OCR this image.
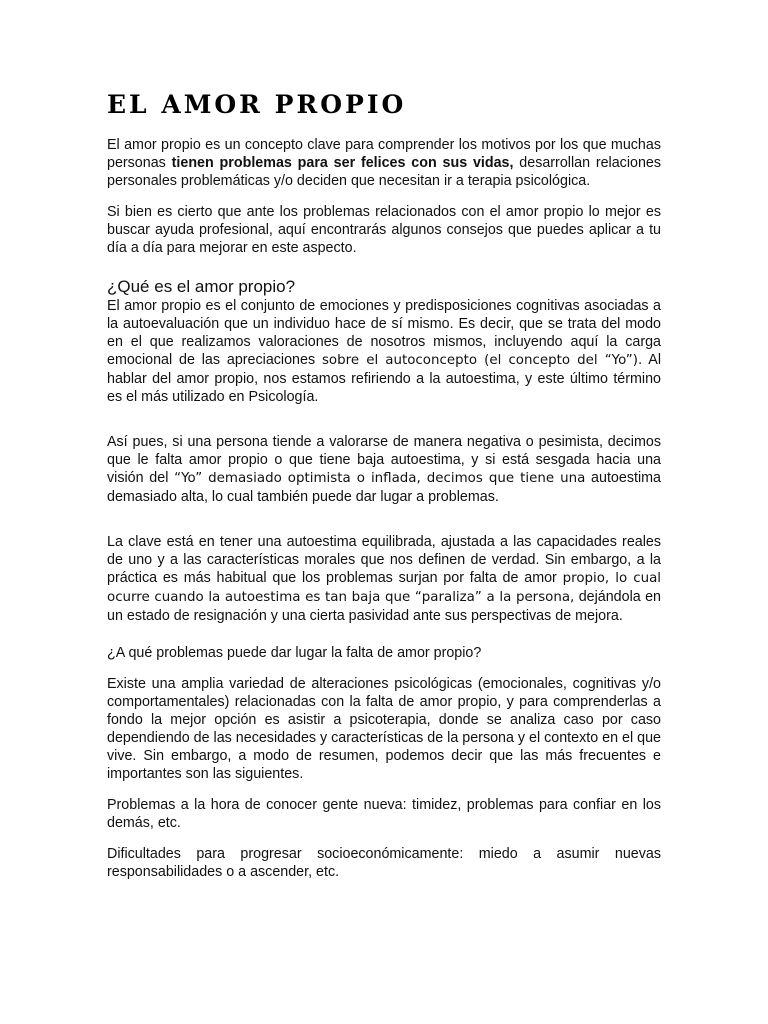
EL AMOR PROPIO

El amor propio es un concepto clave para comprender los motivos por los que muchas personas tienen problemas para ser felices con sus vidas, desarrollan relaciones personales problemáticas y/o deciden que necesitan ir a terapia psicológica.

Si bien es cierto que ante los problemas relacionados con el amor propio lo mejor es buscar ayuda profesional, aquí encontrarás algunos consejos que puedes aplicar a tu día a día para mejorar en este aspecto.

¿Qué es el amor propio?

El amor propio es el conjunto de emociones y predisposiciones cognitivas asociadas a la autoevaluación que un individuo hace de sí mismo. Es decir, que se trata del modo en el que realizamos valoraciones de nosotros mismos, incluyendo aquí la carga emocional de las apreciaciones sobre el autoconcepto (el concepto del “Yo”). Al hablar del amor propio, nos estamos refiriendo a la autoestima, y este último término es el más utilizado en Psicología.

Así pues, si una persona tiende a valorarse de manera negativa o pesimista, decimos que le falta amor propio o que tiene baja autoestima, y si está sesgada hacia una visión del “Yo” demasiado optimista o inflada, decimos que tiene una autoestima demasiado alta, lo cual también puede dar lugar a problemas.

La clave está en tener una autoestima equilibrada, ajustada a las capacidades reales de uno y a las características morales que nos definen de verdad. Sin embargo, a la práctica es más habitual que los problemas surjan por falta de amor propio, lo cual ocurre cuando la autoestima es tan baja que “paraliza” a la persona, dejándola en un estado de resignación y una cierta pasividad ante sus perspectivas de mejora.

¿A qué problemas puede dar lugar la falta de amor propio?

Existe una amplia variedad de alteraciones psicológicas (emocionales, cognitivas y/o comportamentales) relacionadas con la falta de amor propio, y para comprenderlas a fondo la mejor opción es asistir a psicoterapia, donde se analiza caso por caso dependiendo de las necesidades y características de la persona y el contexto en el que vive. Sin embargo, a modo de resumen, podemos decir que las más frecuentes e importantes son las siguientes.

Problemas a la hora de conocer gente nueva: timidez, problemas para confiar en los demás, etc.

Dificultades para progresar socioeconómicamente: miedo a asumir nuevas responsabilidades o a ascender, etc.
